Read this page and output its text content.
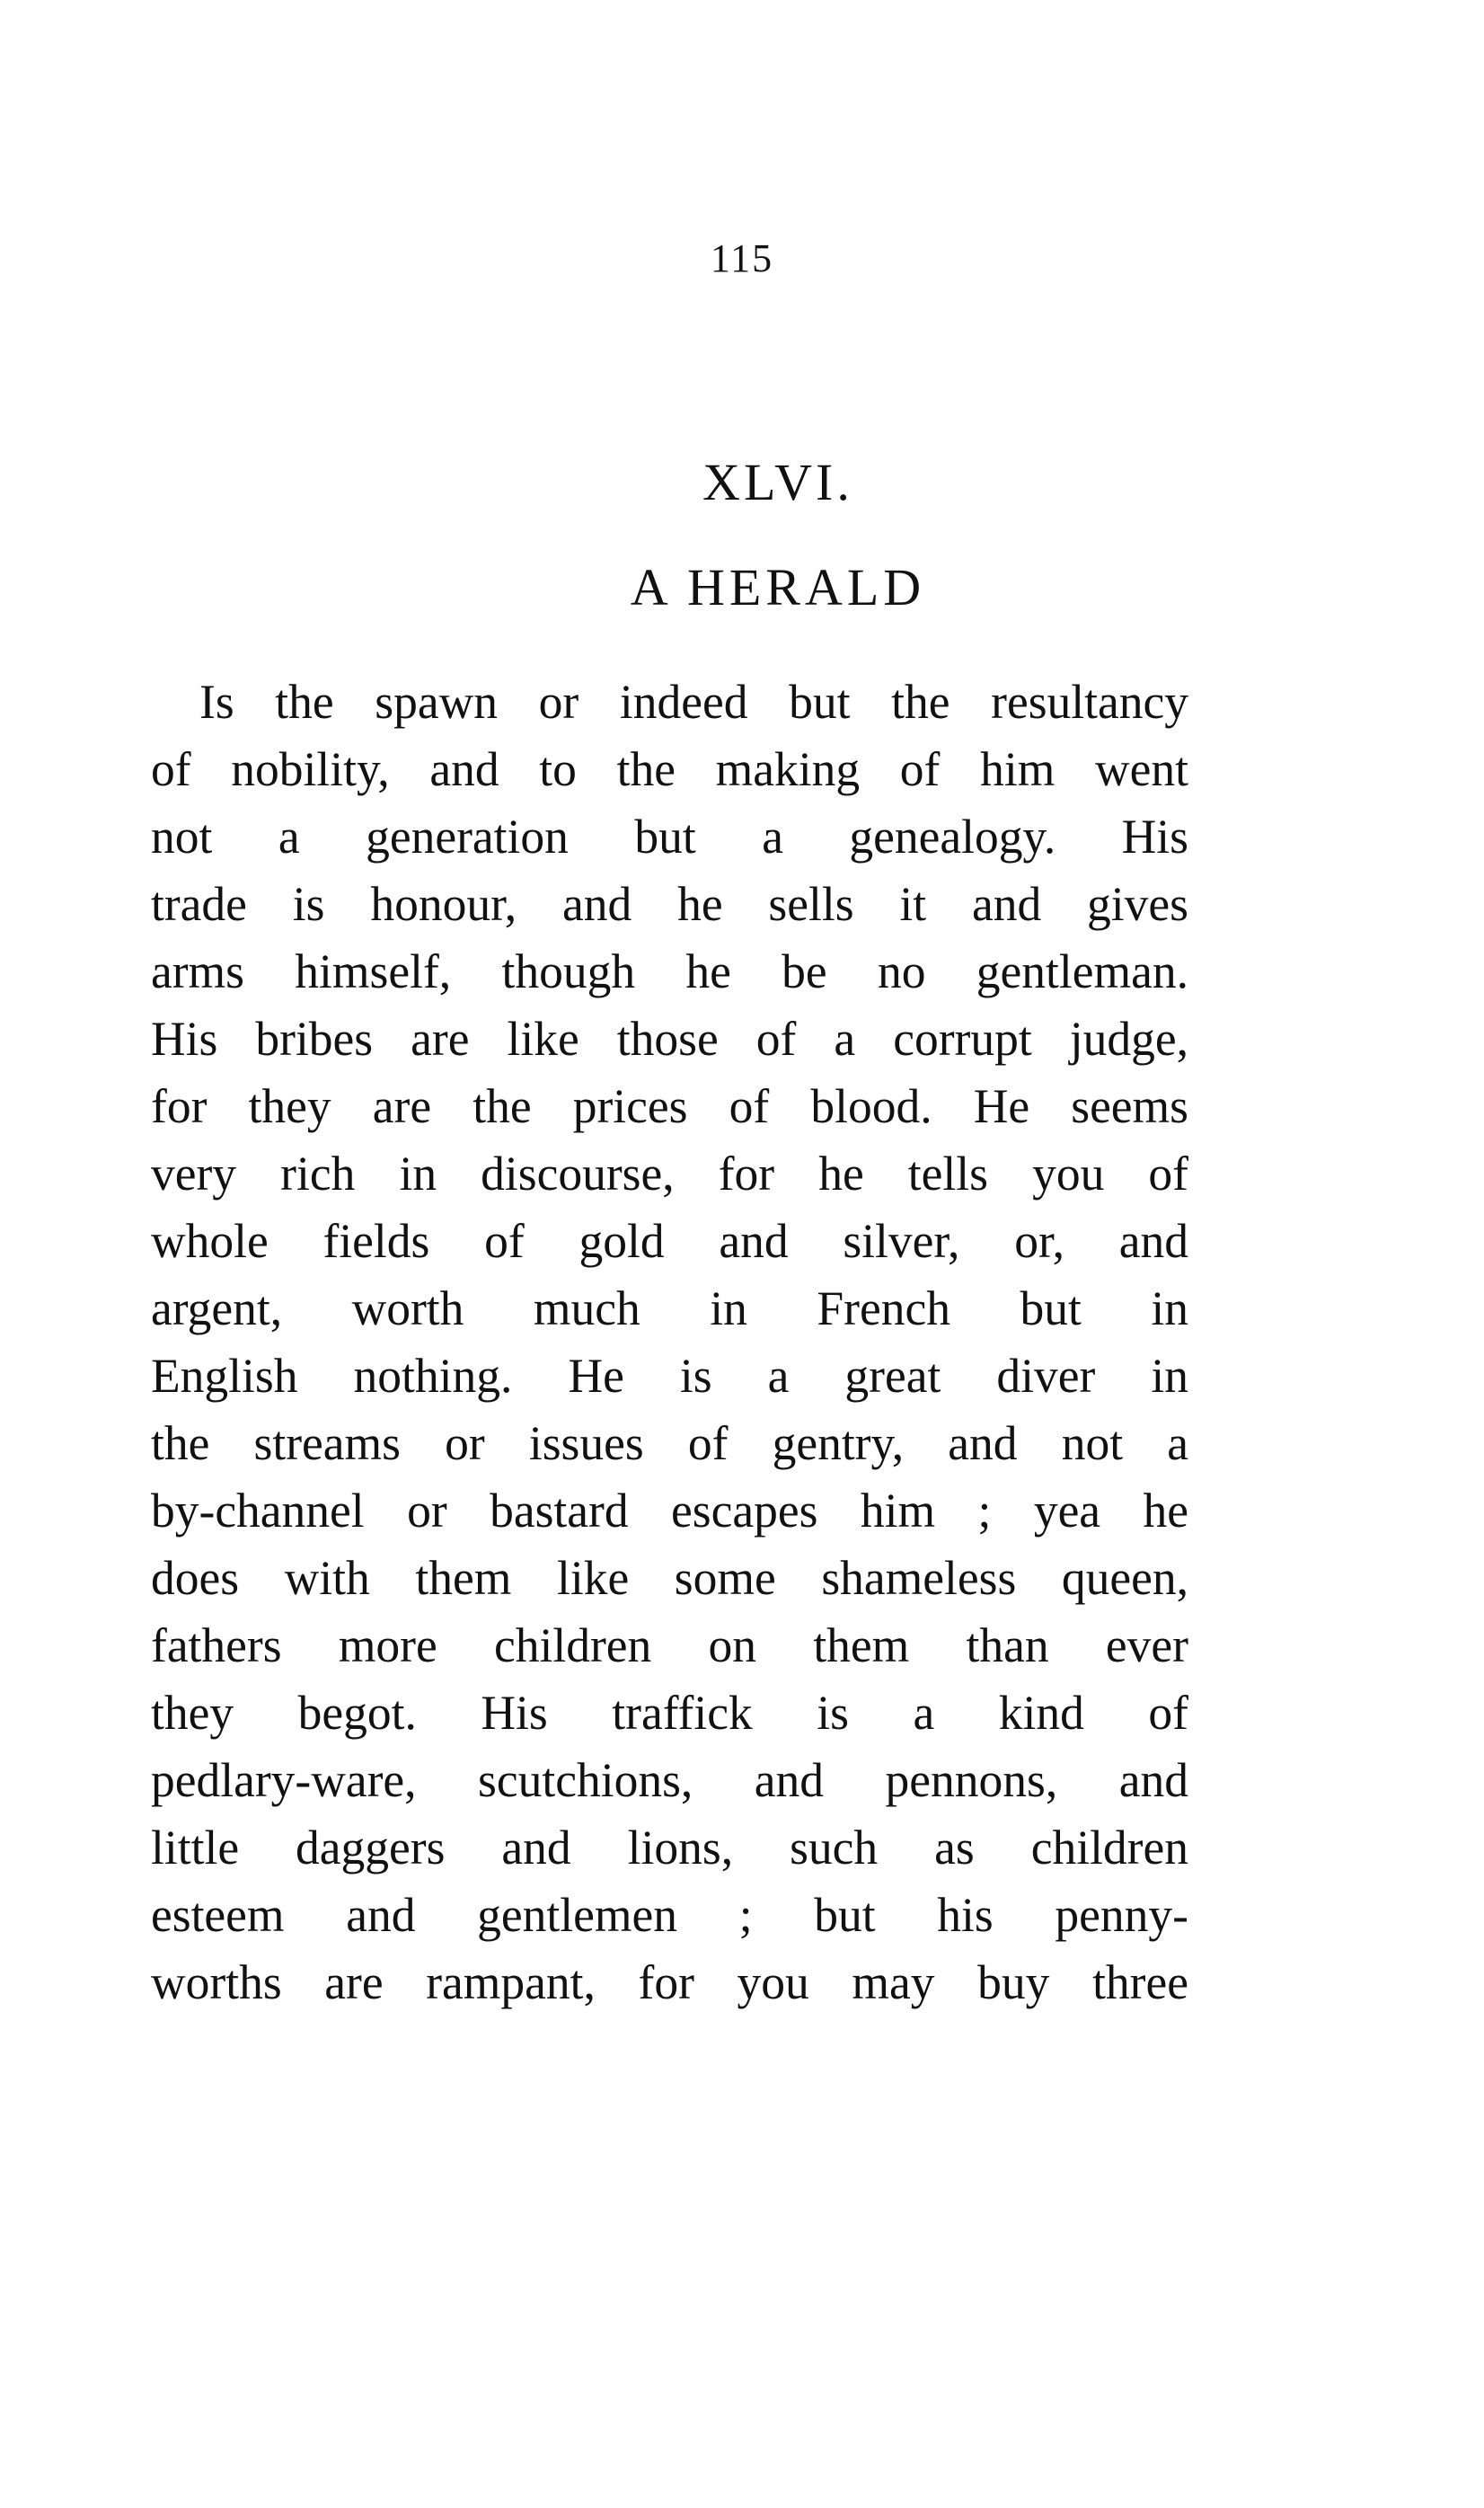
115
XLVI.
A HERALD
Is the spawn or indeed but the resultancy
of nobility, and to the making of him went
not a generation but a genealogy. His
trade is honour, and he sells it and gives
arms himself, though he be no gentleman.
His bribes are like those of a corrupt judge,
for they are the prices of blood. He seems
very rich in discourse, for he tells you of
whole fields of gold and silver, or, and
argent, worth much in French but in
English nothing. He is a great diver in
the streams or issues of gentry, and not a
by-channel or bastard escapes him ; yea he
does with them like some shameless queen,
fathers more children on them than ever
they begot. His traffick is a kind of
pedlary-ware, scutchions, and pennons, and
little daggers and lions, such as children
esteem and gentlemen ; but his penny-
worths are rampant, for you may buy three
